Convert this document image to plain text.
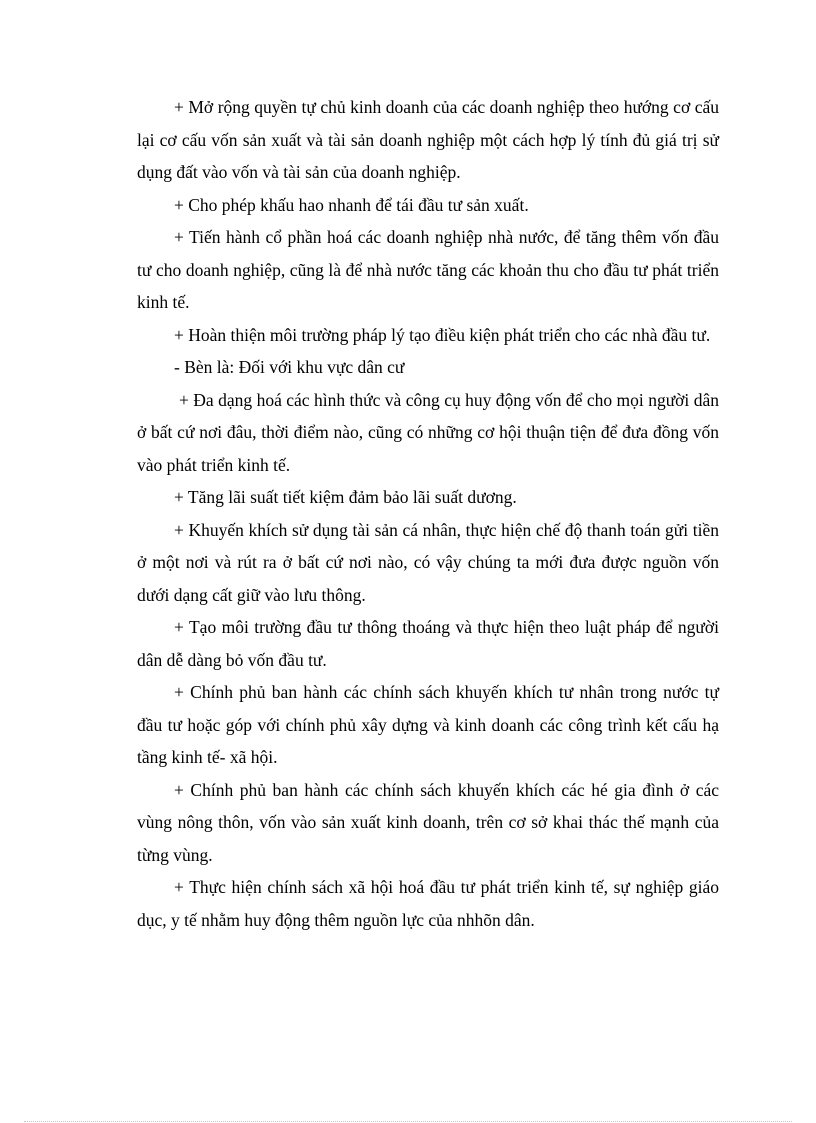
+ Mở rộng quyền tự chủ kinh doanh của các doanh nghiệp theo hướng cơ cấu lại cơ cấu vốn sản xuất và tài sản doanh nghiệp một cách hợp lý tính đủ giá trị sử dụng đất vào vốn và tài sản của doanh nghiệp.

+ Cho phép khấu hao nhanh để tái đầu tư sản xuất.

+ Tiến hành cổ phần hoá các doanh nghiệp nhà nước, để tăng thêm vốn đầu tư cho doanh nghiệp, cũng là để nhà nước tăng các khoản thu cho đầu tư phát triển kinh tế.

+ Hoàn thiện môi trường pháp lý tạo điều kiện phát triển cho các nhà đầu tư.

- Bèn là: Đối với khu vực dân cư

+ Đa dạng hoá các hình thức và công cụ huy động vốn để cho mọi người dân ở bất cứ nơi đâu, thời điểm nào, cũng có những cơ hội thuận tiện để đưa đồng vốn vào phát triển kinh tế.

+ Tăng lãi suất tiết kiệm đảm bảo lãi suất dương.

+ Khuyến khích sử dụng tài sản cá nhân, thực hiện chế độ thanh toán gửi tiền ở một nơi và rút ra ở bất cứ nơi nào, có vậy chúng ta mới đưa được nguồn vốn dưới dạng cất giữ vào lưu thông.

+ Tạo môi trường đầu tư thông thoáng và thực hiện theo luật pháp để người dân dễ dàng bỏ vốn đầu tư.

+ Chính phủ ban hành các chính sách khuyến khích tư nhân trong nước tự đầu tư hoặc góp với chính phủ xây dựng và kinh doanh các công trình kết cấu hạ tầng kinh tế- xã hội.

+ Chính phủ ban hành các chính sách khuyến khích các hé gia đình ở các vùng nông thôn, vốn vào sản xuất kinh doanh, trên cơ sở khai thác thế mạnh của từng vùng.

+ Thực hiện chính sách xã hội hoá đầu tư phát triển kinh tế, sự nghiệp giáo dục, y tế nhằm huy động thêm nguồn lực của nhhõn dân.
